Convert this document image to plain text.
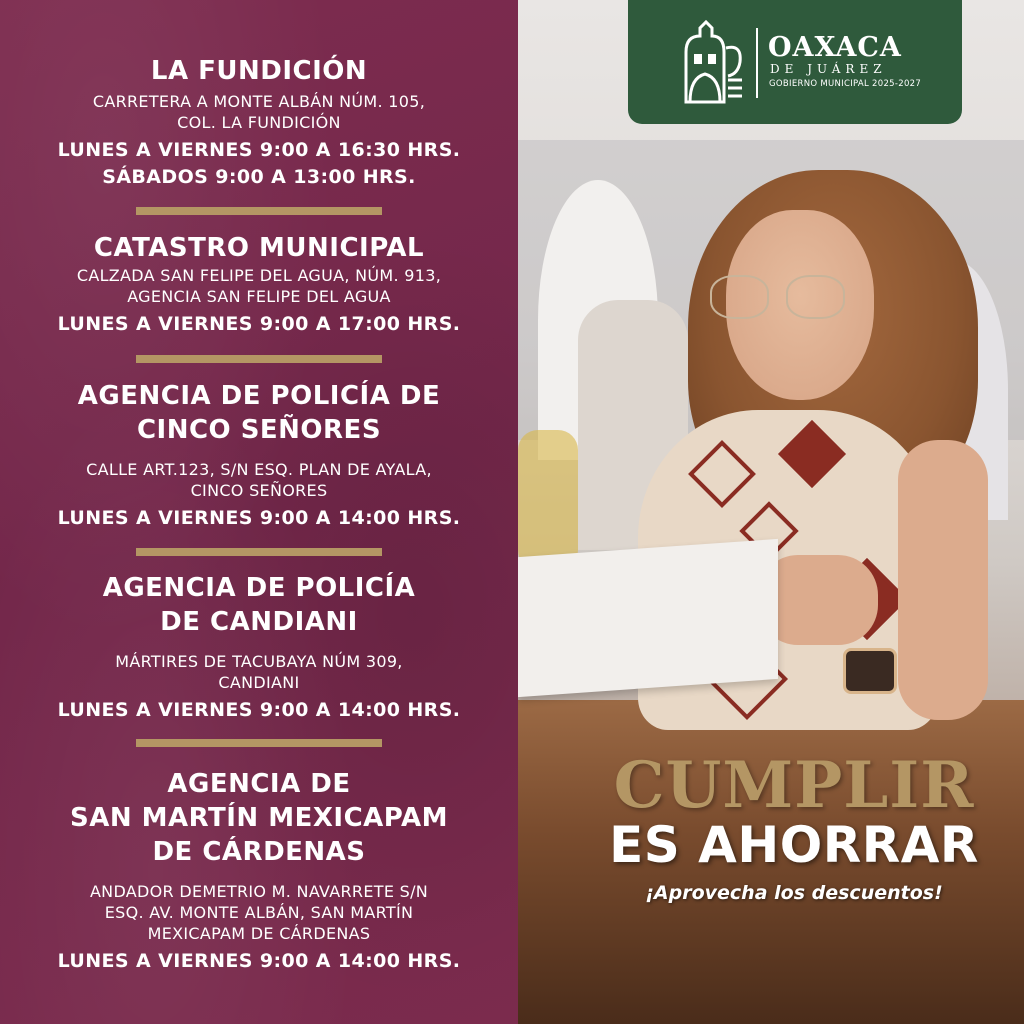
LA FUNDICIÓN
CARRETERA A MONTE ALBÁN NÚM. 105,
COL. LA FUNDICIÓN
LUNES A VIERNES 9:00 A 16:30 HRS.
SÁBADOS 9:00 A 13:00 HRS.
CATASTRO MUNICIPAL
CALZADA SAN FELIPE DEL AGUA, NÚM. 913,
AGENCIA SAN FELIPE DEL AGUA
LUNES A VIERNES 9:00 A 17:00 HRS.
AGENCIA DE POLICÍA DE
CINCO SEÑORES
CALLE ART.123, S/N ESQ. PLAN DE AYALA,
CINCO SEÑORES
LUNES A VIERNES 9:00 A 14:00 HRS.
AGENCIA DE POLICÍA
DE CANDIANI
MÁRTIRES DE TACUBAYA NÚM 309,
CANDIANI
LUNES A VIERNES 9:00 A 14:00 HRS.
AGENCIA DE
SAN MARTÍN MEXICAPAM
DE CÁRDENAS
ANDADOR DEMETRIO M. NAVARRETE S/N
ESQ. AV. MONTE ALBÁN, SAN MARTÍN
MEXICAPAM DE CÁRDENAS
LUNES A VIERNES 9:00 A 14:00 HRS.
OAXACA
DE JUÁREZ
GOBIERNO MUNICIPAL 2025-2027
CUMPLIR
ES AHORRAR
¡Aprovecha los descuentos!
